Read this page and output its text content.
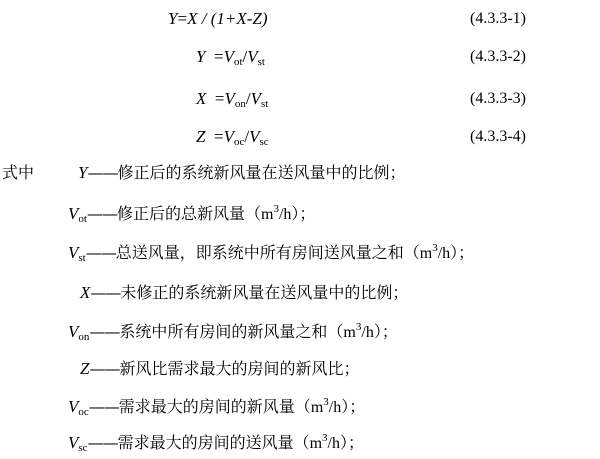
Y=X / (1+X-Z)	(4.3.3-1)
$Y =V_{ot}/V_{st}$	(4.3.3-2)
$X =V_{on}/V_{st}$	(4.3.3-3)
$Z =V_{oc}/V_{sc}$	(4.3.3-4)
式中	Y——修正后的系统新风量在送风量中的比例；
$V_{ot}——$修正后的总新风量$(m^3/h)$；
$V_{st}——$总送风量，即系统中所有房间送风量之和$(m^3/h)$；
X——未修正的系统新风量在送风量中的比例；
$V_{on}——$系统中所有房间的新风量之和$(m^3/h)$；
Z——新风比需求最大的房间的新风比；
$V_{oc}——$需求最大的房间的新风量$(m^3/h)$；
$V_{sc}——$需求最大的房间的送风量$(m^3/h)$；
